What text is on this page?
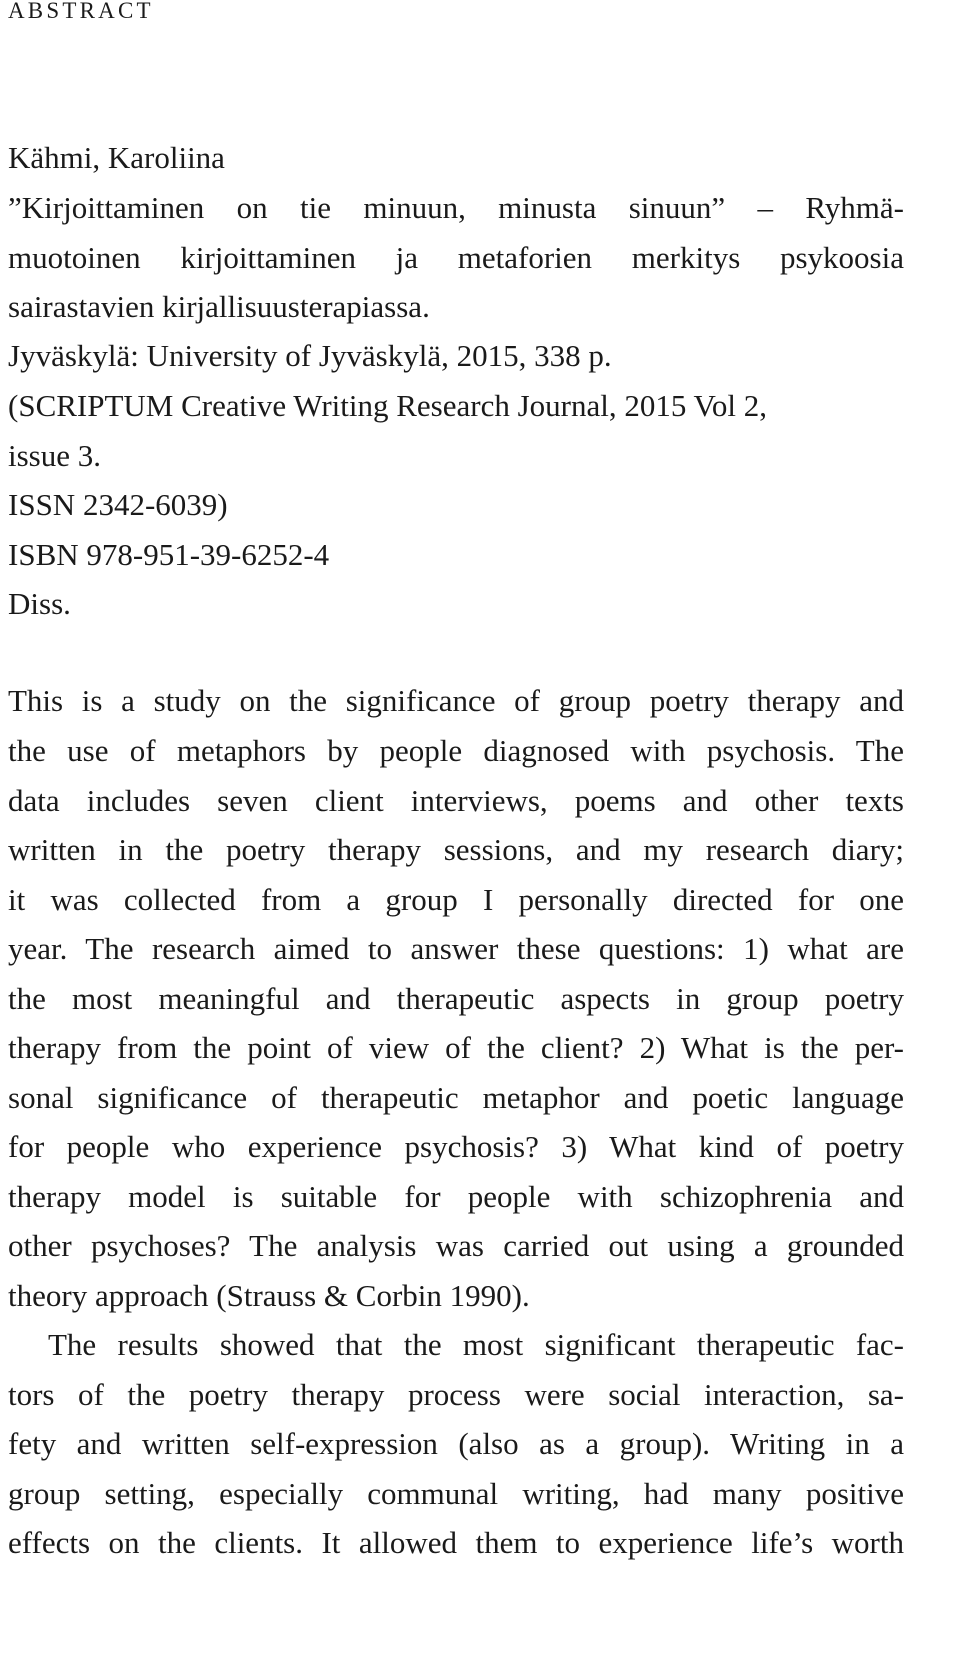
ABSTRACT
Kähmi, Karoliina
”Kirjoittaminen on tie minuun, minusta sinuun” – Ryhmä-
muotoinen kirjoittaminen ja metaforien merkitys psykoosia
sairastavien kirjallisuusterapiassa.
Jyväskylä: University of Jyväskylä, 2015, 338 p.
(SCRIPTUM Creative Writing Research Journal, 2015 Vol 2,
issue 3.
ISSN 2342-6039)
ISBN 978-951-39-6252-4
Diss.
This is a study on the significance of group poetry therapy and
the use of metaphors by people diagnosed with psychosis. The
data includes seven client interviews, poems and other texts
written in the poetry therapy sessions, and my research diary;
it was collected from a group I personally directed for one
year. The research aimed to answer these questions: 1) what are
the most meaningful and therapeutic aspects in group poetry
therapy from the point of view of the client? 2) What is the per-
sonal significance of therapeutic metaphor and poetic language
for people who experience psychosis? 3) What kind of poetry
therapy model is suitable for people with schizophrenia and
other psychoses? The analysis was carried out using a grounded
theory approach (Strauss & Corbin 1990).
The results showed that the most significant therapeutic fac-
tors of the poetry therapy process were social interaction, sa-
fety and written self-expression (also as a group). Writing in a
group setting, especially communal writing, had many positive
effects on the clients. It allowed them to experience life’s worth
